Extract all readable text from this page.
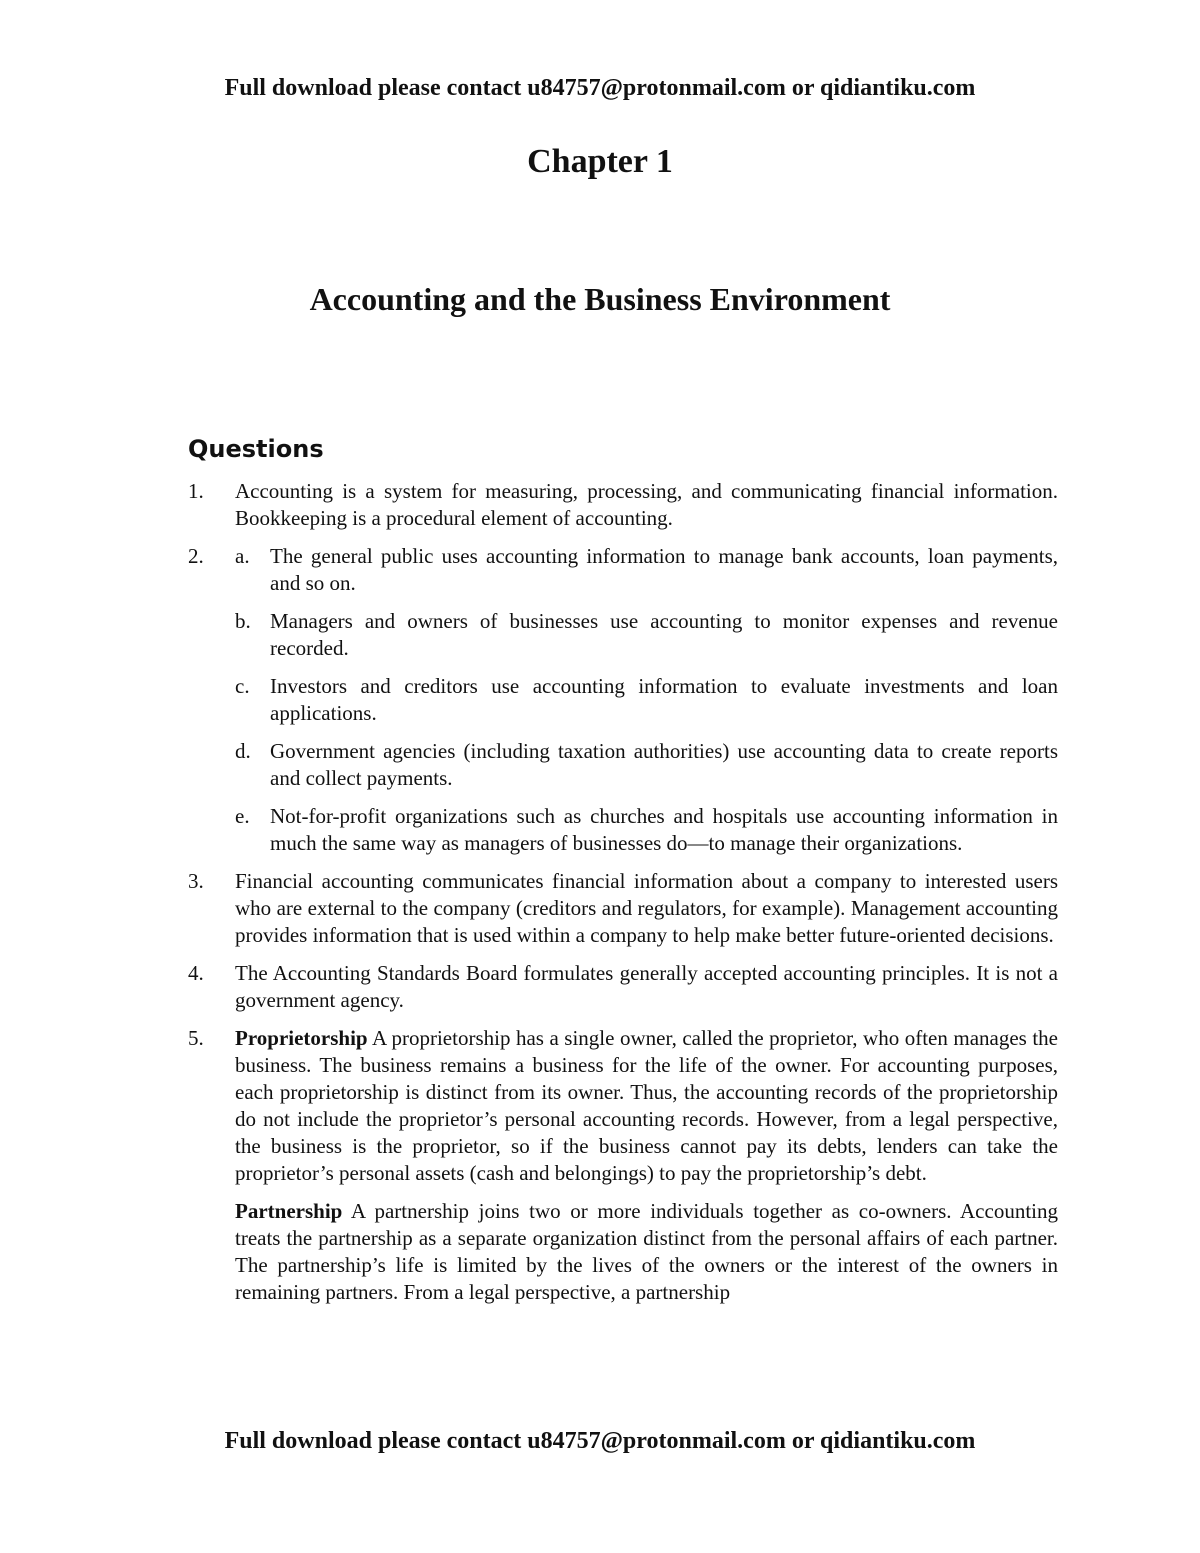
Full download please contact u84757@protonmail.com or qidiantiku.com
Chapter 1
Accounting and the Business Environment
Questions
1.	Accounting is a system for measuring, processing, and communicating financial information. Bookkeeping is a procedural element of accounting.
2.	a. The general public uses accounting information to manage bank accounts, loan payments, and so on.
b. Managers and owners of businesses use accounting to monitor expenses and revenue recorded.
c. Investors and creditors use accounting information to evaluate investments and loan applications.
d. Government agencies (including taxation authorities) use accounting data to create reports and collect payments.
e. Not-for-profit organizations such as churches and hospitals use accounting information in much the same way as managers of businesses do—to manage their organizations.
3.	Financial accounting communicates financial information about a company to interested users who are external to the company (creditors and regulators, for example). Management accounting provides information that is used within a company to help make better future-oriented decisions.
4.	The Accounting Standards Board formulates generally accepted accounting principles. It is not a government agency.
5.	Proprietorship A proprietorship has a single owner, called the proprietor, who often manages the business. The business remains a business for the life of the owner. For accounting purposes, each proprietorship is distinct from its owner. Thus, the accounting records of the proprietorship do not include the proprietor’s personal accounting records. However, from a legal perspective, the business is the proprietor, so if the business cannot pay its debts, lenders can take the proprietor’s personal assets (cash and belongings) to pay the proprietorship’s debt.
Partnership A partnership joins two or more individuals together as co-owners. Accounting treats the partnership as a separate organization distinct from the personal affairs of each partner. The partnership’s life is limited by the lives of the owners or the interest of the owners in remaining partners. From a legal perspective, a partnership
Full download please contact u84757@protonmail.com or qidiantiku.com
